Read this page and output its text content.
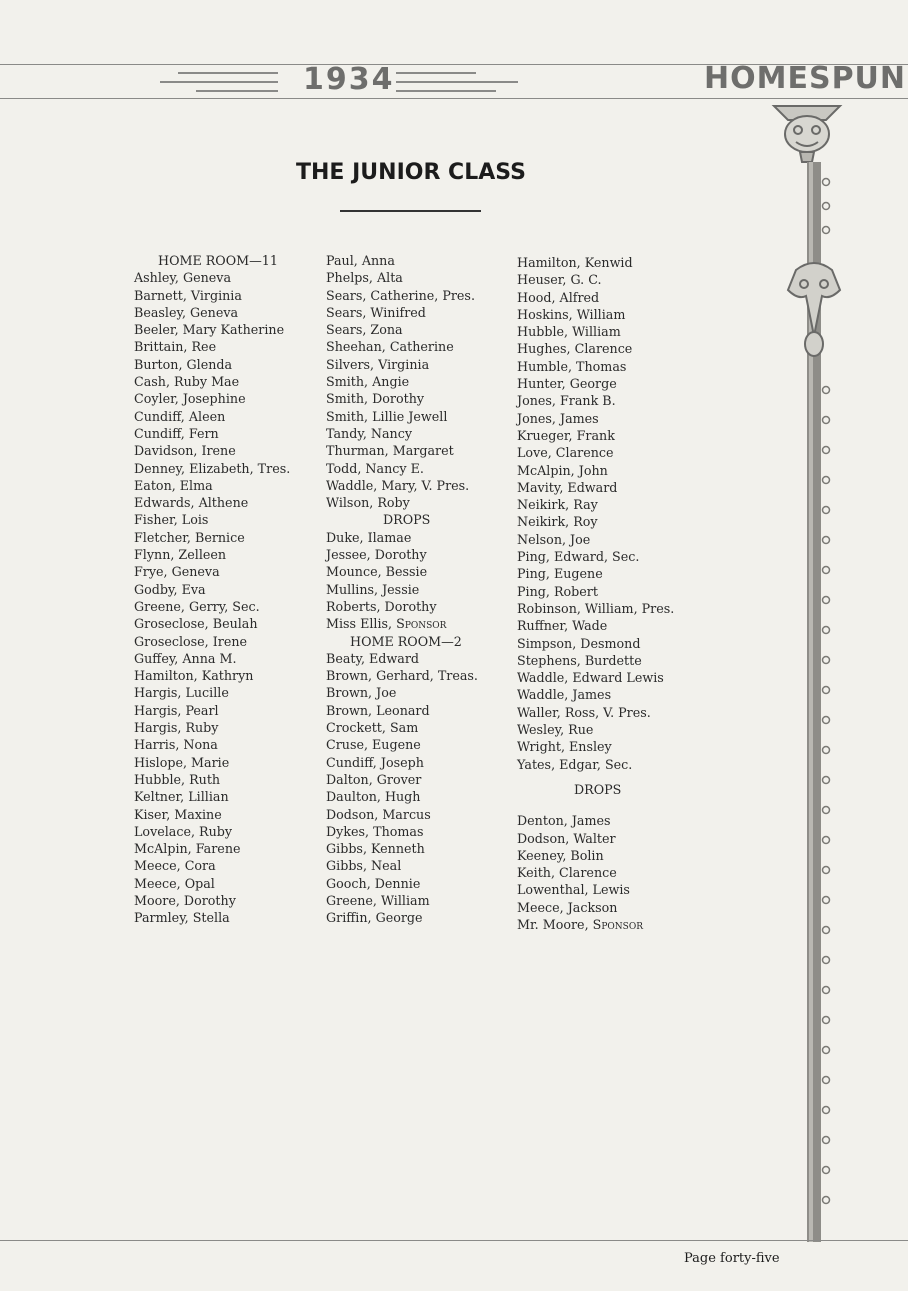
1934	HOMESPUN
THE JUNIOR CLASS
HOME ROOM—11
Ashley, Geneva
Barnett, Virginia
Beasley, Geneva
Beeler, Mary Katherine
Brittain, Ree
Burton, Glenda
Cash, Ruby Mae
Coyler, Josephine
Cundiff, Aleen
Cundiff, Fern
Davidson, Irene
Denney, Elizabeth, Tres.
Eaton, Elma
Edwards, Althene
Fisher, Lois
Fletcher, Bernice
Flynn, Zelleen
Frye, Geneva
Godby, Eva
Greene, Gerry, Sec.
Groseclose, Beulah
Groseclose, Irene
Guffey, Anna M.
Hamilton, Kathryn
Hargis, Lucille
Hargis, Pearl
Hargis, Ruby
Harris, Nona
Hislope, Marie
Hubble, Ruth
Keltner, Lillian
Kiser, Maxine
Lovelace, Ruby
McAlpin, Farene
Meece, Cora
Meece, Opal
Moore, Dorothy
Parmley, Stella
Paul, Anna
Phelps, Alta
Sears, Catherine, Pres.
Sears, Winifred
Sears, Zona
Sheehan, Catherine
Silvers, Virginia
Smith, Angie
Smith, Dorothy
Smith, Lillie Jewell
Tandy, Nancy
Thurman, Margaret
Todd, Nancy E.
Waddle, Mary, V. Pres.
Wilson, Roby
DROPS
Duke, Ilamae
Jessee, Dorothy
Mounce, Bessie
Mullins, Jessie
Roberts, Dorothy
Miss Ellis, Sponsor
HOME ROOM—2
Beaty, Edward
Brown, Gerhard, Treas.
Brown, Joe
Brown, Leonard
Crockett, Sam
Cruse, Eugene
Cundiff, Joseph
Dalton, Grover
Daulton, Hugh
Dodson, Marcus
Dykes, Thomas
Gibbs, Kenneth
Gibbs, Neal
Gooch, Dennie
Greene, William
Griffin, George
Hamilton, Kenwid
Heuser, G. C.
Hood, Alfred
Hoskins, William
Hubble, William
Hughes, Clarence
Humble, Thomas
Hunter, George
Jones, Frank B.
Jones, James
Krueger, Frank
Love, Clarence
McAlpin, John
Mavity, Edward
Neikirk, Ray
Neikirk, Roy
Nelson, Joe
Ping, Edward, Sec.
Ping, Eugene
Ping, Robert
Robinson, William, Pres.
Ruffner, Wade
Simpson, Desmond
Stephens, Burdette
Waddle, Edward Lewis
Waddle, James
Waller, Ross, V. Pres.
Wesley, Rue
Wright, Ensley
Yates, Edgar, Sec.
DROPS
Denton, James
Dodson, Walter
Keeney, Bolin
Keith, Clarence
Lowenthal, Lewis
Meece, Jackson
Mr. Moore, Sponsor
Page forty-five
